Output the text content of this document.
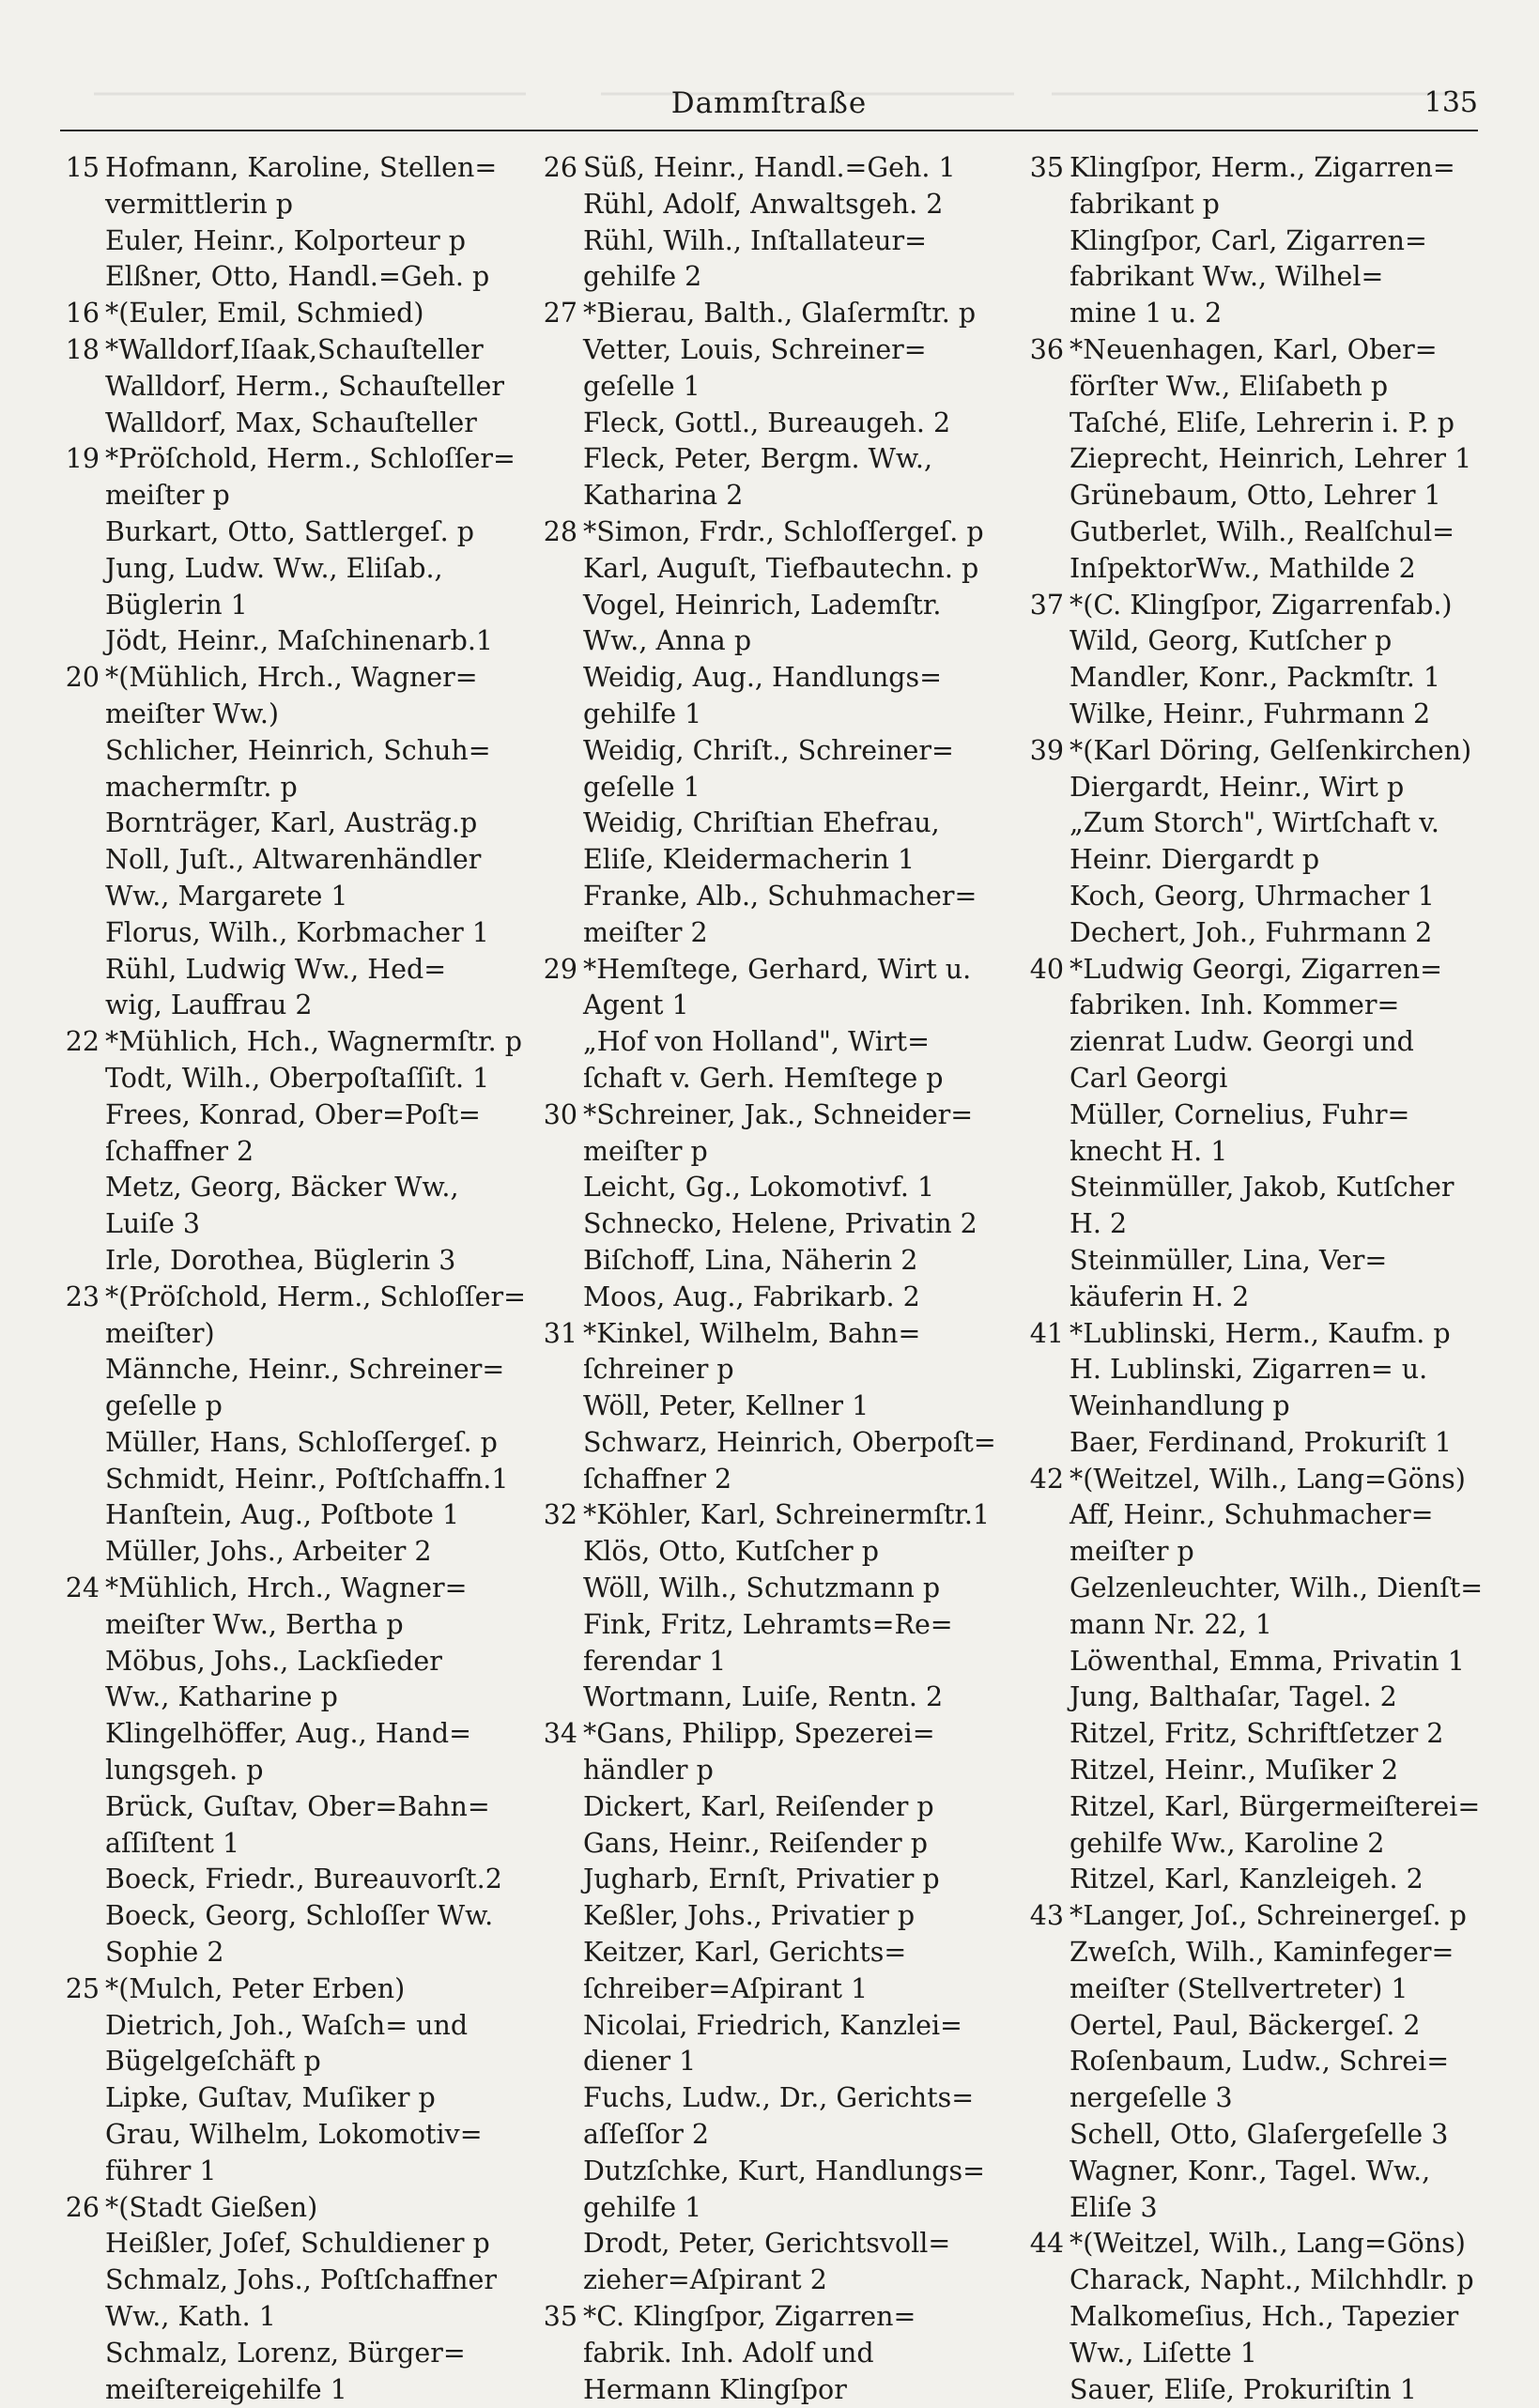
Dammſtraße	135
15 Hofmann, Karoline, Stellen=
vermittlerin p
Euler, Heinr., Kolporteur p
Elßner, Otto, Handl.=Geh. p
16 *(Euler, Emil, Schmied)
18 *Walldorf,Iſaak,Schauſteller
Walldorf, Herm., Schauſteller
Walldorf, Max, Schauſteller
19 *Pröſchold, Herm., Schloſſer=
meiſter p
Burkart, Otto, Sattlergeſ. p
Jung, Ludw. Ww., Eliſab.,
Büglerin 1
Jödt, Heinr., Maſchinenarb.1
20 *(Mühlich, Hrch., Wagner=
meiſter Ww.)
Schlicher, Heinrich, Schuh=
machermſtr. p
Bornträger, Karl, Austräg.p
Noll, Juſt., Altwarenhändler
Ww., Margarete 1
Florus, Wilh., Korbmacher 1
Rühl, Ludwig Ww., Hed=
wig, Lauffrau 2
22 *Mühlich, Hch., Wagnermſtr. p
Todt, Wilh., Oberpoſtaſſiſt. 1
Frees, Konrad, Ober=Poſt=
ſchaffner 2
Metz, Georg, Bäcker Ww.,
Luiſe 3
Irle, Dorothea, Büglerin 3
23 *(Pröſchold, Herm., Schloſſer=
meiſter)
Männche, Heinr., Schreiner=
geſelle p
Müller, Hans, Schloſſergeſ. p
Schmidt, Heinr., Poſtſchaffn.1
Hanſtein, Aug., Poſtbote 1
Müller, Johs., Arbeiter 2
24 *Mühlich, Hrch., Wagner=
meiſter Ww., Bertha p
Möbus, Johs., Lackſieder
Ww., Katharine p
Klingelhöffer, Aug., Hand=
lungsgeh. p
Brück, Guſtav, Ober=Bahn=
aſſiſtent 1
Boeck, Friedr., Bureauvorſt.2
Boeck, Georg, Schloſſer Ww.
Sophie 2
25 *(Mulch, Peter Erben)
Dietrich, Joh., Waſch= und
Bügelgeſchäft p
Lipke, Guſtav, Muſiker p
Grau, Wilhelm, Lokomotiv=
führer 1
26 *(Stadt Gießen)
Heißler, Joſef, Schuldiener p
Schmalz, Johs., Poſtſchaffner
Ww., Kath. 1
Schmalz, Lorenz, Bürger=
meiſtereigehilfe 1
26 Süß, Heinr., Handl.=Geh. 1
Rühl, Adolf, Anwaltsgeh. 2
Rühl, Wilh., Inſtallateur=
gehilfe 2
27 *Bierau, Balth., Glaſermſtr. p
Vetter, Louis, Schreiner=
geſelle 1
Fleck, Gottl., Bureaugeh. 2
Fleck, Peter, Bergm. Ww.,
Katharina 2
28 *Simon, Frdr., Schloſſergeſ. p
Karl, Auguſt, Tiefbautechn. p
Vogel, Heinrich, Lademſtr.
Ww., Anna p
Weidig, Aug., Handlungs=
gehilfe 1
Weidig, Chriſt., Schreiner=
geſelle 1
Weidig, Chriſtian Ehefrau,
Eliſe, Kleidermacherin 1
Franke, Alb., Schuhmacher=
meiſter 2
29 *Hemſtege, Gerhard, Wirt u.
Agent 1
„Hof von Holland", Wirt=
ſchaft v. Gerh. Hemſtege p
30 *Schreiner, Jak., Schneider=
meiſter p
Leicht, Gg., Lokomotivf. 1
Schnecko, Helene, Privatin 2
Biſchoff, Lina, Näherin 2
Moos, Aug., Fabrikarb. 2
31 *Kinkel, Wilhelm, Bahn=
ſchreiner p
Wöll, Peter, Kellner 1
Schwarz, Heinrich, Oberpoſt=
ſchaffner 2
32 *Köhler, Karl, Schreinermſtr.1
Klös, Otto, Kutſcher p
Wöll, Wilh., Schutzmann p
Fink, Fritz, Lehramts=Re=
ferendar 1
Wortmann, Luiſe, Rentn. 2
34 *Gans, Philipp, Spezerei=
händler p
Dickert, Karl, Reiſender p
Gans, Heinr., Reiſender p
Jugharb, Ernſt, Privatier p
Keßler, Johs., Privatier p
Keitzer, Karl, Gerichts=
ſchreiber=Aſpirant 1
Nicolai, Friedrich, Kanzlei=
diener 1
Fuchs, Ludw., Dr., Gerichts=
aſſeſſor 2
Dutzſchke, Kurt, Handlungs=
gehilfe 1
Drodt, Peter, Gerichtsvoll=
zieher=Aſpirant 2
35 *C. Klingſpor, Zigarren=
fabrik. Inh. Adolf und
Hermann Klingſpor
35 Klingſpor, Herm., Zigarren=
fabrikant p
Klingſpor, Carl, Zigarren=
fabrikant Ww., Wilhel=
mine 1 u. 2
36 *Neuenhagen, Karl, Ober=
förſter Ww., Eliſabeth p
Taſché, Eliſe, Lehrerin i. P. p
Zieprecht, Heinrich, Lehrer 1
Grünebaum, Otto, Lehrer 1
Gutberlet, Wilh., Realſchul=
InſpektorWw., Mathilde 2
37 *(C. Klingſpor, Zigarrenfab.)
Wild, Georg, Kutſcher p
Mandler, Konr., Packmſtr. 1
Wilke, Heinr., Fuhrmann 2
39 *(Karl Döring, Gelſenkirchen)
Diergardt, Heinr., Wirt p
„Zum Storch", Wirtſchaft v.
Heinr. Diergardt p
Koch, Georg, Uhrmacher 1
Dechert, Joh., Fuhrmann 2
40 *Ludwig Georgi, Zigarren=
fabriken. Inh. Kommer=
zienrat Ludw. Georgi und
Carl Georgi
Müller, Cornelius, Fuhr=
knecht H. 1
Steinmüller, Jakob, Kutſcher
H. 2
Steinmüller, Lina, Ver=
käuferin H. 2
41 *Lublinski, Herm., Kaufm. p
H. Lublinski, Zigarren= u.
Weinhandlung p
Baer, Ferdinand, Prokuriſt 1
42 *(Weitzel, Wilh., Lang=Göns)
Aff, Heinr., Schuhmacher=
meiſter p
Gelzenleuchter, Wilh., Dienſt=
mann Nr. 22, 1
Löwenthal, Emma, Privatin 1
Jung, Balthaſar, Tagel. 2
Ritzel, Fritz, Schriftſetzer 2
Ritzel, Heinr., Muſiker 2
Ritzel, Karl, Bürgermeiſterei=
gehilfe Ww., Karoline 2
Ritzel, Karl, Kanzleigeh. 2
43 *Langer, Joſ., Schreinergeſ. p
Zweſch, Wilh., Kaminfeger=
meiſter (Stellvertreter) 1
Oertel, Paul, Bäckergeſ. 2
Roſenbaum, Ludw., Schrei=
nergeſelle 3
Schell, Otto, Glaſergeſelle 3
Wagner, Konr., Tagel. Ww.,
Eliſe 3
44 *(Weitzel, Wilh., Lang=Göns)
Charack, Napht., Milchhdlr. p
Malkomeſius, Hch., Tapezier
Ww., Liſette 1
Sauer, Eliſe, Prokuriſtin 1
